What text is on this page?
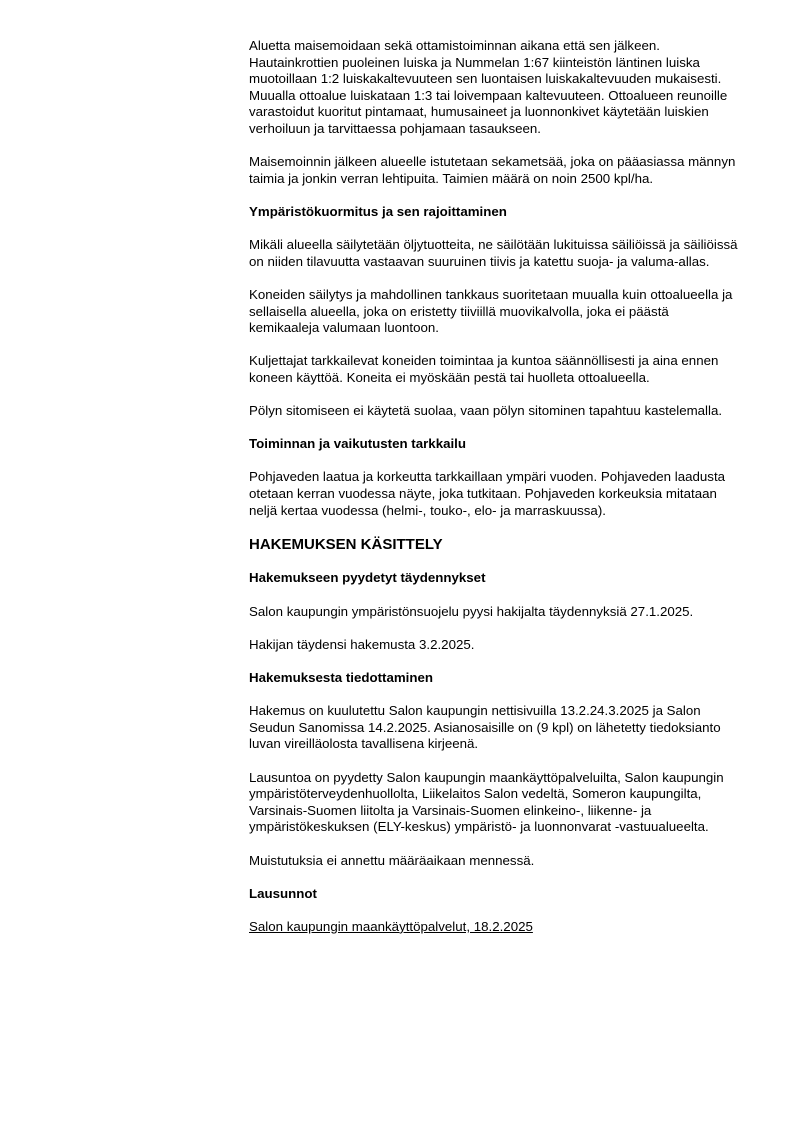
Aluetta maisemoidaan sekä ottamistoiminnan aikana että sen jälkeen. Hautainkrottien puoleinen luiska ja Nummelan 1:67 kiinteistön läntinen luiska muotoillaan 1:2 luiskakaltevuuteen sen luontaisen luiskakaltevuuden mukaisesti. Muualla ottoalue luiskataan 1:3 tai loivempaan kaltevuuteen. Ottoalueen reunoille varastoidut kuoritut pintamaat, humusaineet ja luonnonkivet käytetään luiskien verhoiluun ja tarvittaessa pohjamaan tasaukseen.

Maisemoinnin jälkeen alueelle istutetaan sekametsää, joka on pääasiassa männyn taimia ja jonkin verran lehtipuita. Taimien määrä on noin 2500 kpl/ha.

Ympäristökuormitus ja sen rajoittaminen

Mikäli alueella säilytetään öljytuotteita, ne säilötään lukituissa säiliöissä ja säiliöissä on niiden tilavuutta vastaavan suuruinen tiivis ja katettu suoja- ja valuma-allas.

Koneiden säilytys ja mahdollinen tankkaus suoritetaan muualla kuin ottoalueella ja sellaisella alueella, joka on eristetty tiiviillä muovikalvolla, joka ei päästä kemikaaleja valumaan luontoon.

Kuljettajat tarkkailevat koneiden toimintaa ja kuntoa säännöllisesti ja aina ennen koneen käyttöä. Koneita ei myöskään pestä tai huolleta ottoalueella.

Pölyn sitomiseen ei käytetä suolaa, vaan pölyn sitominen tapahtuu kastelemalla.

Toiminnan ja vaikutusten tarkkailu

Pohjaveden laatua ja korkeutta tarkkaillaan ympäri vuoden. Pohjaveden laadusta otetaan kerran vuodessa näyte, joka tutkitaan. Pohjaveden korkeuksia mitataan neljä kertaa vuodessa (helmi-, touko-, elo- ja marraskuussa).

HAKEMUKSEN KÄSITTELY
Hakemukseen pyydetyt täydennykset

Salon kaupungin ympäristönsuojelu pyysi hakijalta täydennyksiä 27.1.2025.

Hakijan täydensi hakemusta 3.2.2025.

Hakemuksesta tiedottaminen

Hakemus on kuulutettu Salon kaupungin nettisivuilla 13.2.24.3.2025 ja Salon Seudun Sanomissa 14.2.2025. Asianosaisille on (9 kpl) on lähetetty tiedoksianto luvan vireilläolosta tavallisena kirjeenä.

Lausuntoa on pyydetty Salon kaupungin maankäyttöpalveluilta, Salon kaupungin ympäristöterveydenhuollolta, Liikelaitos Salon vedeltä, Someron kaupungilta, Varsinais-Suomen liitolta ja Varsinais-Suomen elinkeino-, liikenne- ja ympäristökeskuksen (ELY-keskus) ympäristö- ja luonnonvarat -vastuualueelta.

Muistutuksia ei annettu määräaikaan mennessä.

Lausunnot

Salon kaupungin maankäyttöpalvelut, 18.2.2025
